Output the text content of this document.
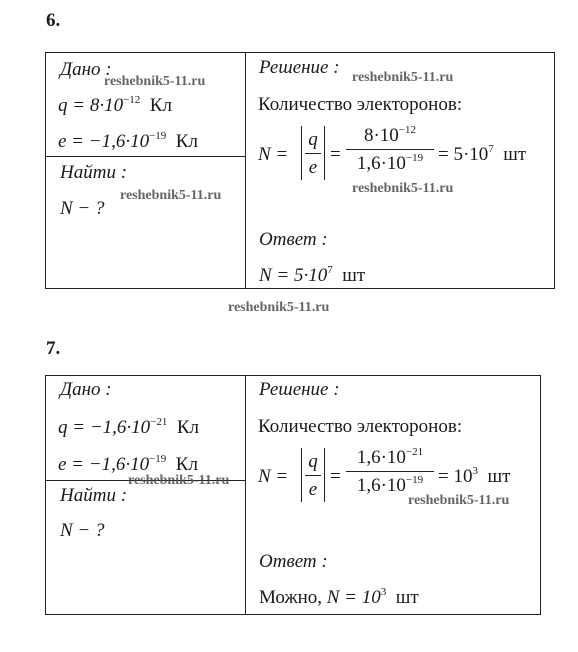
6.
Дано :
$q = 8\cdot 10^{-12}$ Кл
$e = -1,6\cdot 10^{-19}$ Кл
Найти :
N − ?
Решение :
Количество электоронов:
N =
q
e
=
$8\cdot 10^{-12}$
$1,6\cdot 10^{-19} = 5\cdot 10^7$ шт
Ответ :
$N = 5\cdot 10^7$ шт
7.
Дано :
$q = -1,6\cdot 10^{-21}$ Кл
$e = -1,6\cdot 10^{-19}$ Кл
Найти :
N − ?
Решение :
Количество электоронов:
N =
q
e
=
$1,6\cdot 10^{-21}$
$1,6\cdot 10^{-19} = 10^3$ шт
Ответ :
Можно, $N = 10^3$ шт
reshebnik5-11.ru	reshebnik5-11.ru
reshebnik5-11.ru	reshebnik5-11.ru
reshebnik5-11.ru
reshebnik5-11.ru
reshebnik5-11.ru
